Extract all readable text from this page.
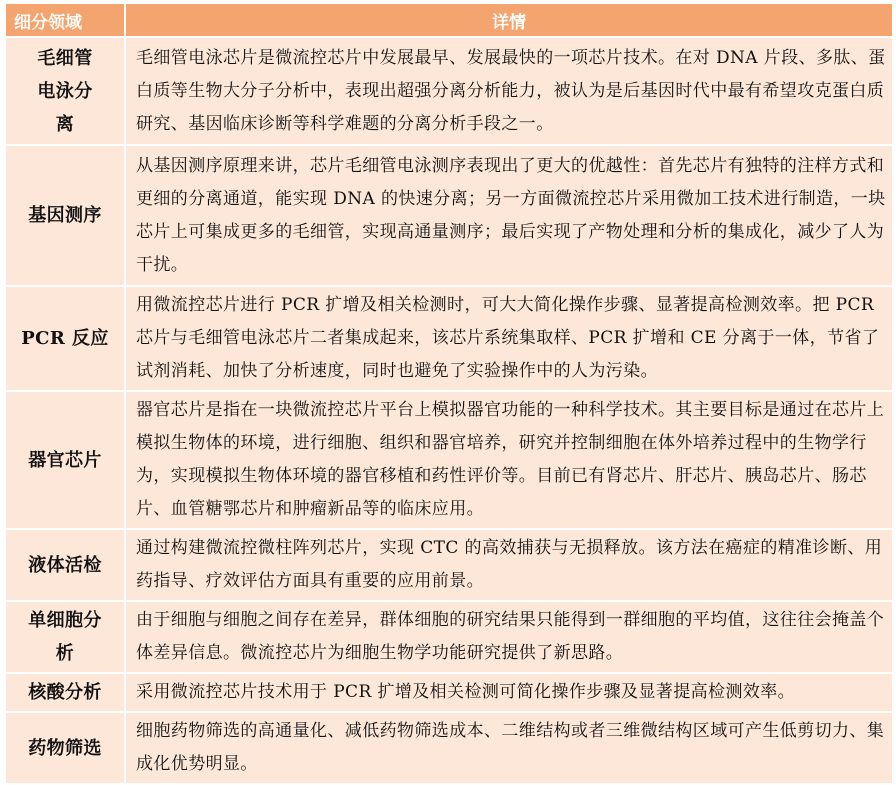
细分领域	详情
毛细管电泳分离	毛细管电泳芯片是微流控芯片中发展最早、发展最快的一项芯片技术。在对 DNA 片段、多肽、蛋白质等生物大分子分析中，表现出超强分离分析能力，被认为是后基因时代中最有希望攻克蛋白质研究、基因临床诊断等科学难题的分离分析手段之一。
基因测序	从基因测序原理来讲，芯片毛细管电泳测序表现出了更大的优越性：首先芯片有独特的注样方式和更细的分离通道，能实现 DNA 的快速分离；另一方面微流控芯片采用微加工技术进行制造，一块芯片上可集成更多的毛细管，实现高通量测序；最后实现了产物处理和分析的集成化，减少了人为干扰。
PCR 反应	用微流控芯片进行 PCR 扩增及相关检测时，可大大简化操作步骤、显著提高检测效率。把 PCR 芯片与毛细管电泳芯片二者集成起来，该芯片系统集取样、PCR 扩增和 CE 分离于一体，节省了试剂消耗、加快了分析速度，同时也避免了实验操作中的人为污染。
器官芯片	器官芯片是指在一块微流控芯片平台上模拟器官功能的一种科学技术。其主要目标是通过在芯片上模拟生物体的环境，进行细胞、组织和器官培养，研究并控制细胞在体外培养过程中的生物学行为，实现模拟生物体环境的器官移植和药性评价等。目前已有肾芯片、肝芯片、胰岛芯片、肠芯片、血管糖鄂芯片和肿瘤新品等的临床应用。
液体活检	通过构建微流控微柱阵列芯片，实现 CTC 的高效捕获与无损释放。该方法在癌症的精准诊断、用药指导、疗效评估方面具有重要的应用前景。
单细胞分析	由于细胞与细胞之间存在差异，群体细胞的研究结果只能得到一群细胞的平均值，这往往会掩盖个体差异信息。微流控芯片为细胞生物学功能研究提供了新思路。
核酸分析	采用微流控芯片技术用于 PCR 扩增及相关检测可简化操作步骤及显著提高检测效率。
药物筛选	细胞药物筛选的高通量化、减低药物筛选成本、二维结构或者三维微结构区域可产生低剪切力、集成化优势明显。
